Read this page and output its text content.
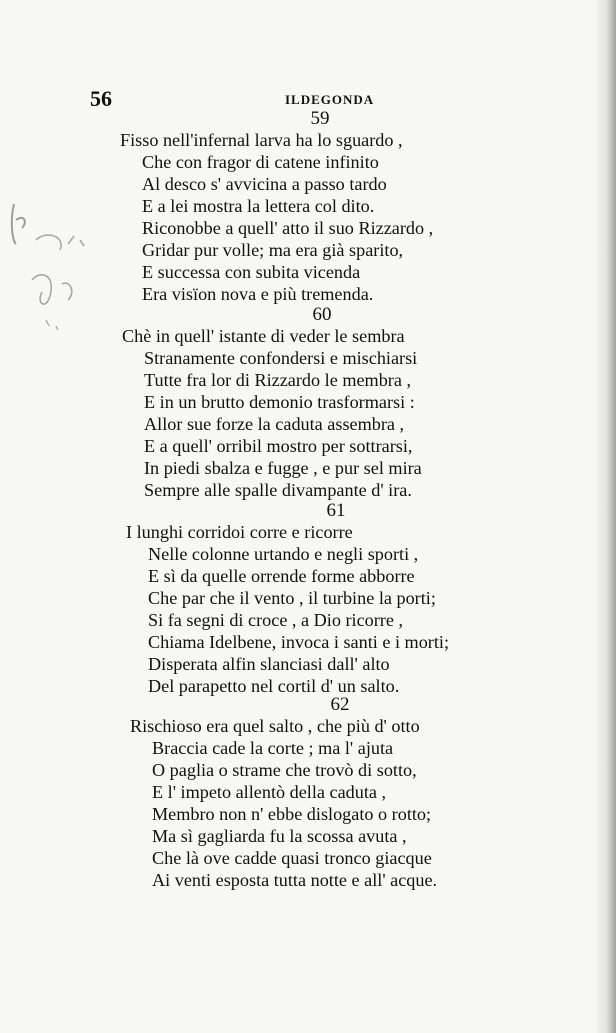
56	ILDEGONDA
59
Fisso nell'infernal larva ha lo sguardo ,
Che con fragor di catene infinito
Al desco s' avvicina a passo tardo
E a lei mostra la lettera col dito.
Riconobbe a quell' atto il suo Rizzardo ,
Gridar pur volle; ma era già sparito,
E successa con subita vicenda
Era visïon nova e più tremenda.
60
Chè in quell' istante di veder le sembra
Stranamente confondersi e mischiarsi
Tutte fra lor di Rizzardo le membra ,
E in un brutto demonio trasformarsi :
Allor sue forze la caduta assembra ,
E a quell' orribil mostro per sottrarsi,
In piedi sbalza e fugge , e pur sel mira
Sempre alle spalle divampante d' ira.
61
I lunghi corridoi corre e ricorre
Nelle colonne urtando e negli sporti ,
E sì da quelle orrende forme abborre
Che par che il vento , il turbine la porti;
Si fa segni di croce , a Dio ricorre ,
Chiama Idelbene, invoca i santi e i morti;
Disperata alfin slanciasi dall' alto
Del parapetto nel cortil d' un salto.
62
Rischioso era quel salto , che più d' otto
Braccia cade la corte ; ma l' ajuta
O paglia o strame che trovò di sotto,
E l' impeto allentò della caduta ,
Membro non n' ebbe dislogato o rotto;
Ma sì gagliarda fu la scossa avuta ,
Che là ove cadde quasi tronco giacque
Ai venti esposta tutta notte e all' acque.
